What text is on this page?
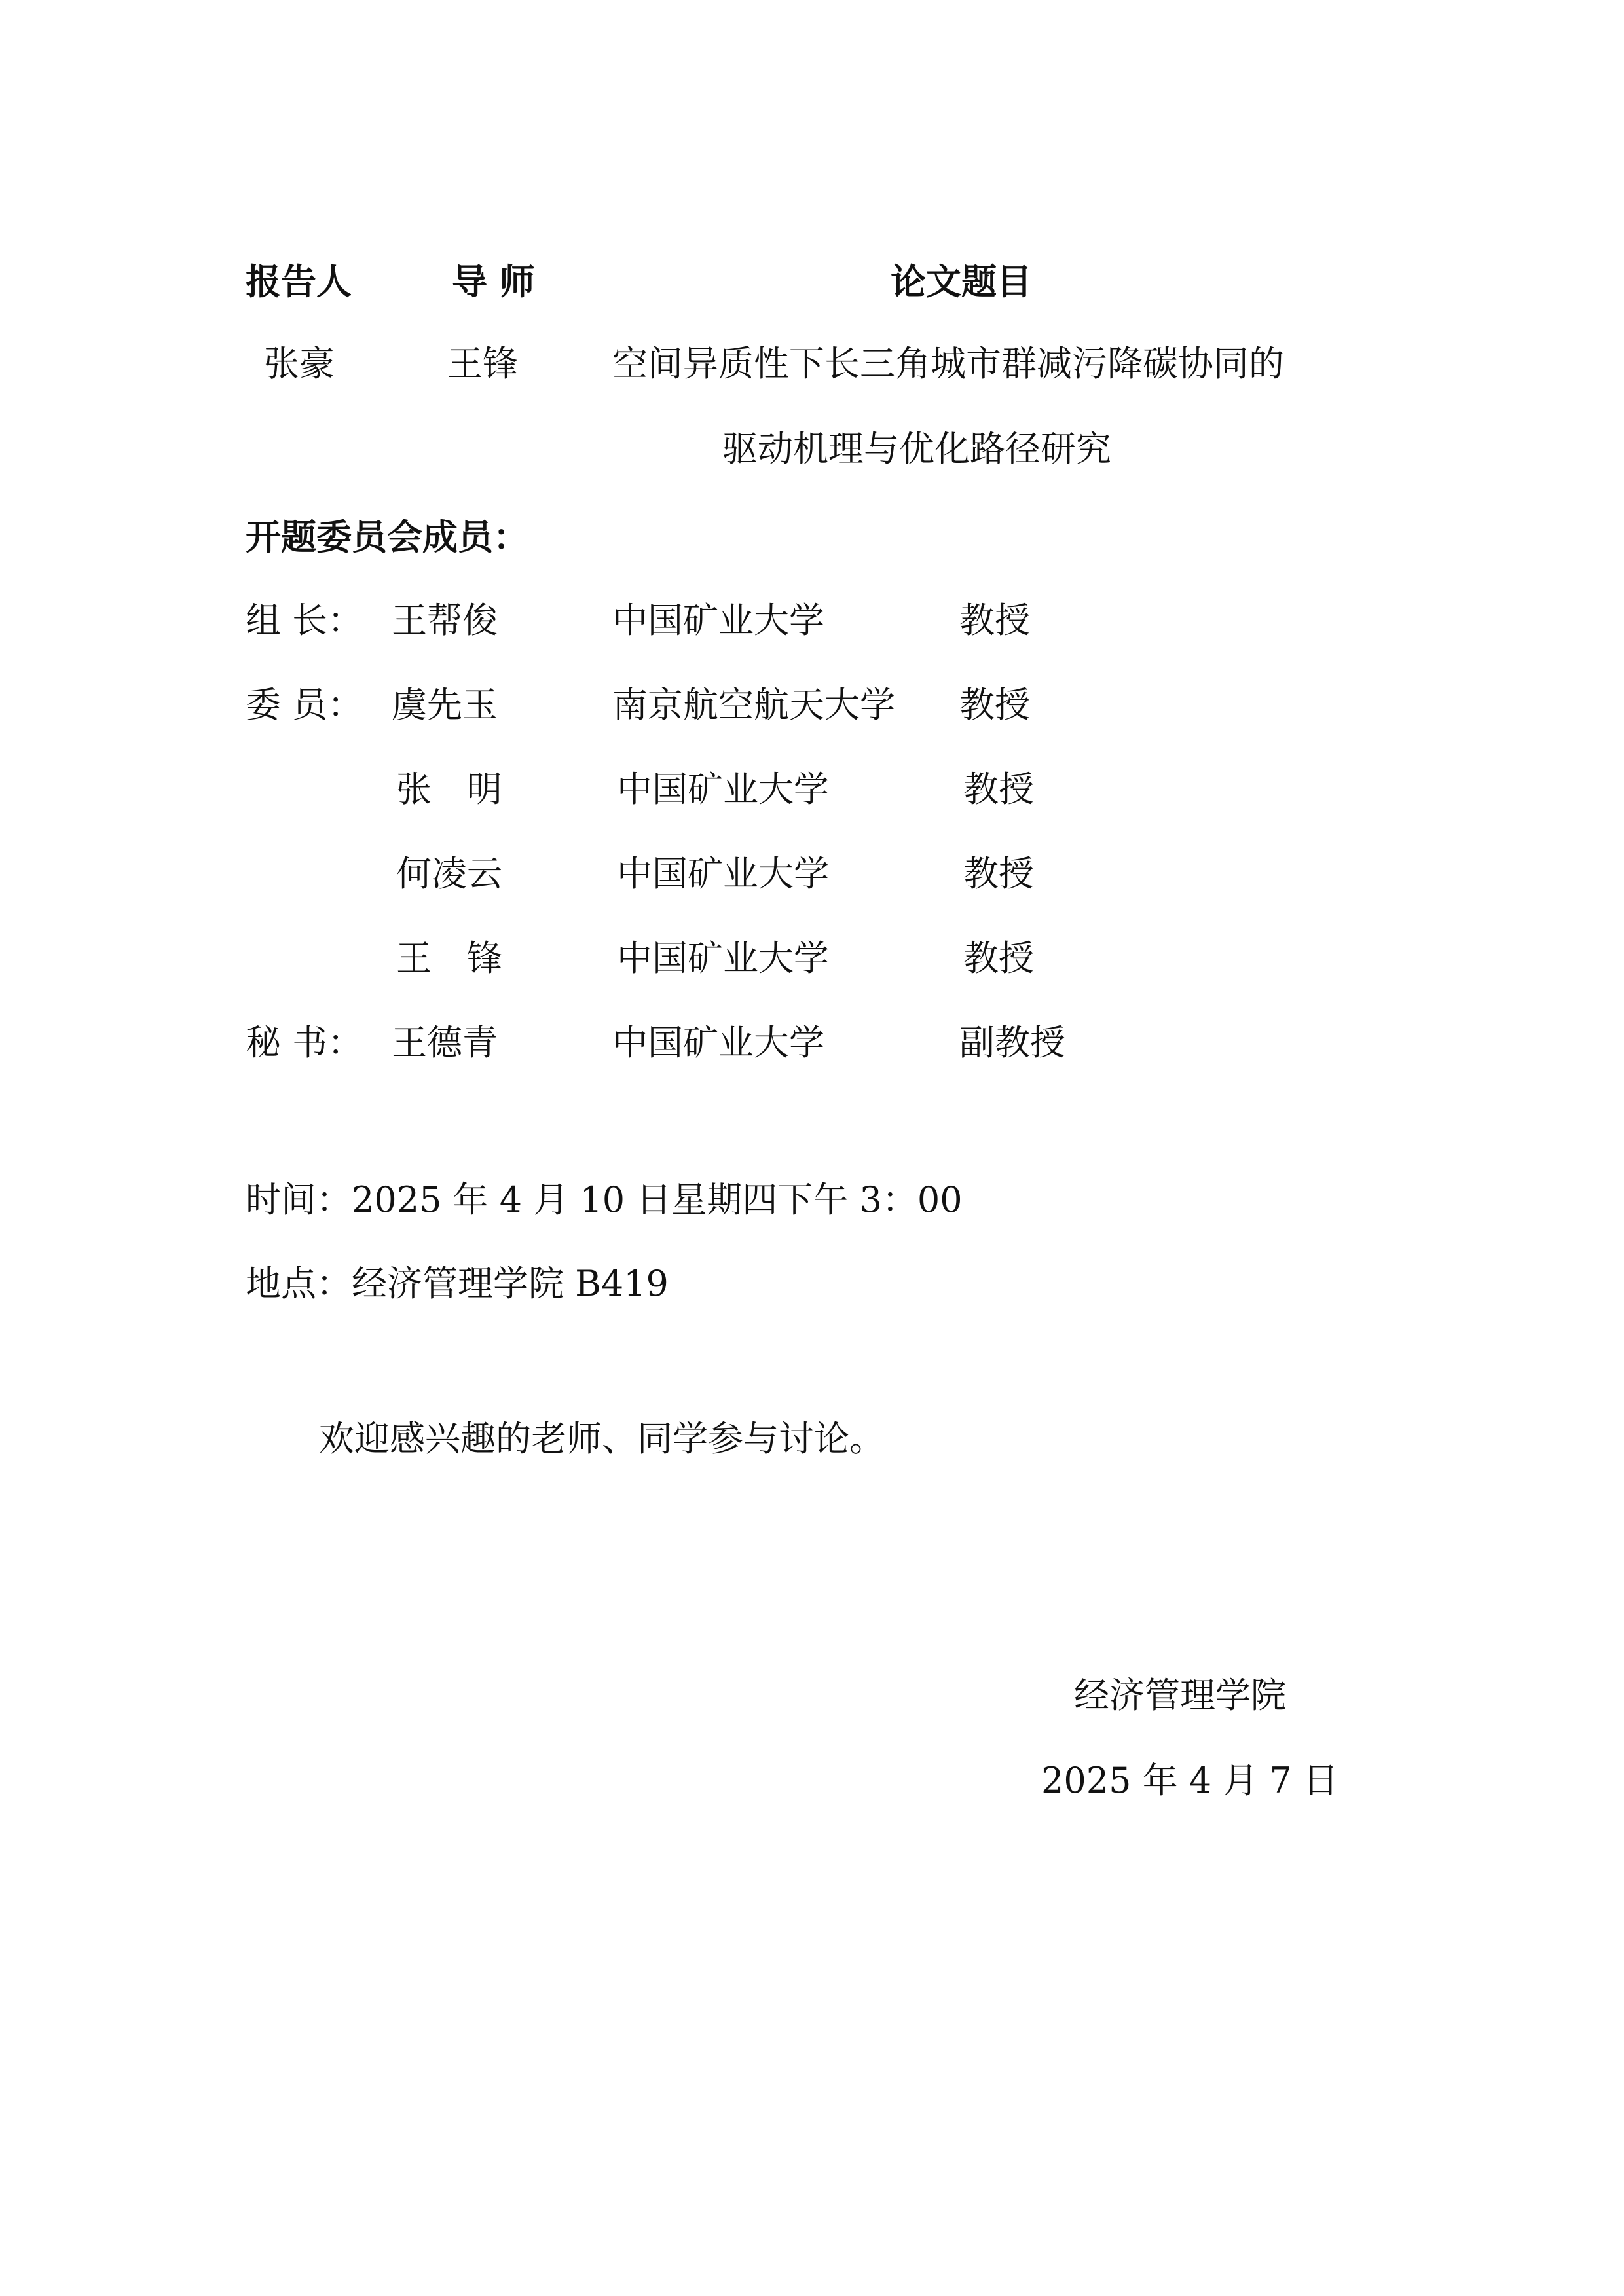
报告人	导 师	论文题目
张豪	王锋	空间异质性下长三角城市群减污降碳协同的
驱动机理与优化路径研究
开题委员会成员：
组 长： 王帮俊	中国矿业大学	教授
委 员： 虞先玉	南京航空航天大学 教授
张　明	中国矿业大学	教授
何凌云	中国矿业大学	教授
王　锋	中国矿业大学	教授
秘 书： 王德青	中国矿业大学	副教授
时间：2025 年 4 月 10 日星期四下午 3：00
地点：经济管理学院 B419
欢迎感兴趣的老师、同学参与讨论。
经济管理学院
2025 年 4 月 7 日
